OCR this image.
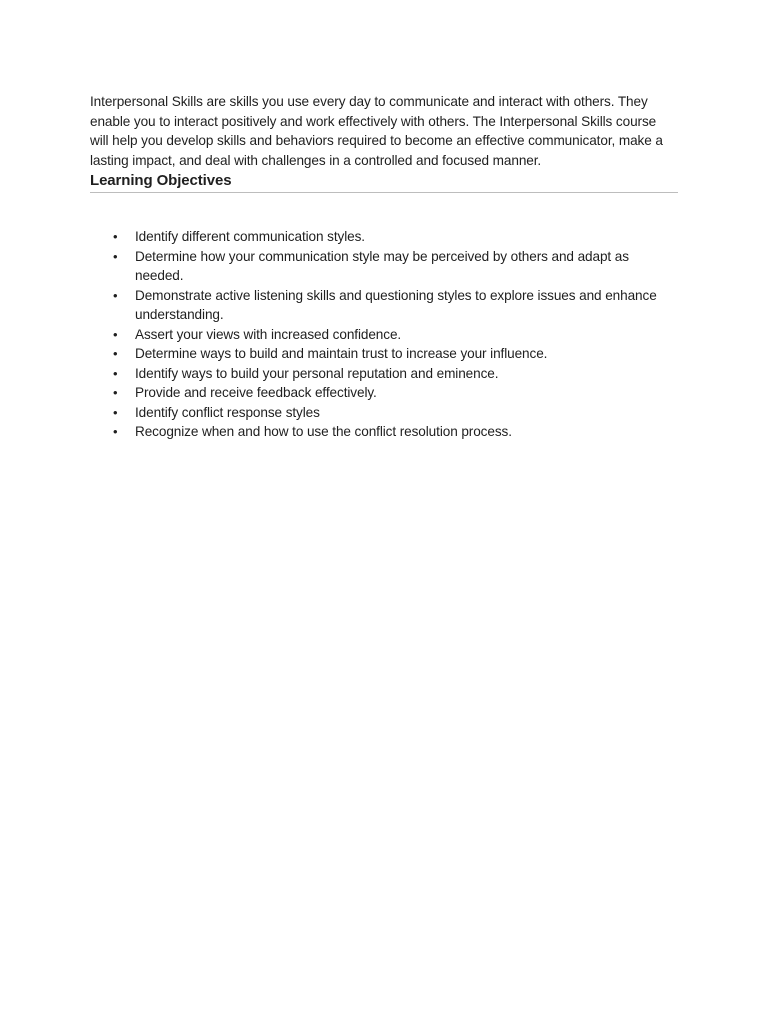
Interpersonal Skills are skills you use every day to communicate and interact with others. They enable you to interact positively and work effectively with others. The Interpersonal Skills course will help you develop skills and behaviors required to become an effective communicator, make a lasting impact, and deal with challenges in a controlled and focused manner.

Learning Objectives
• Identify different communication styles.
• Determine how your communication style may be perceived by others and adapt as needed.
• Demonstrate active listening skills and questioning styles to explore issues and enhance understanding.
• Assert your views with increased confidence.
• Determine ways to build and maintain trust to increase your influence.
• Identify ways to build your personal reputation and eminence.
• Provide and receive feedback effectively.
• Identify conflict response styles
• Recognize when and how to use the conflict resolution process.
